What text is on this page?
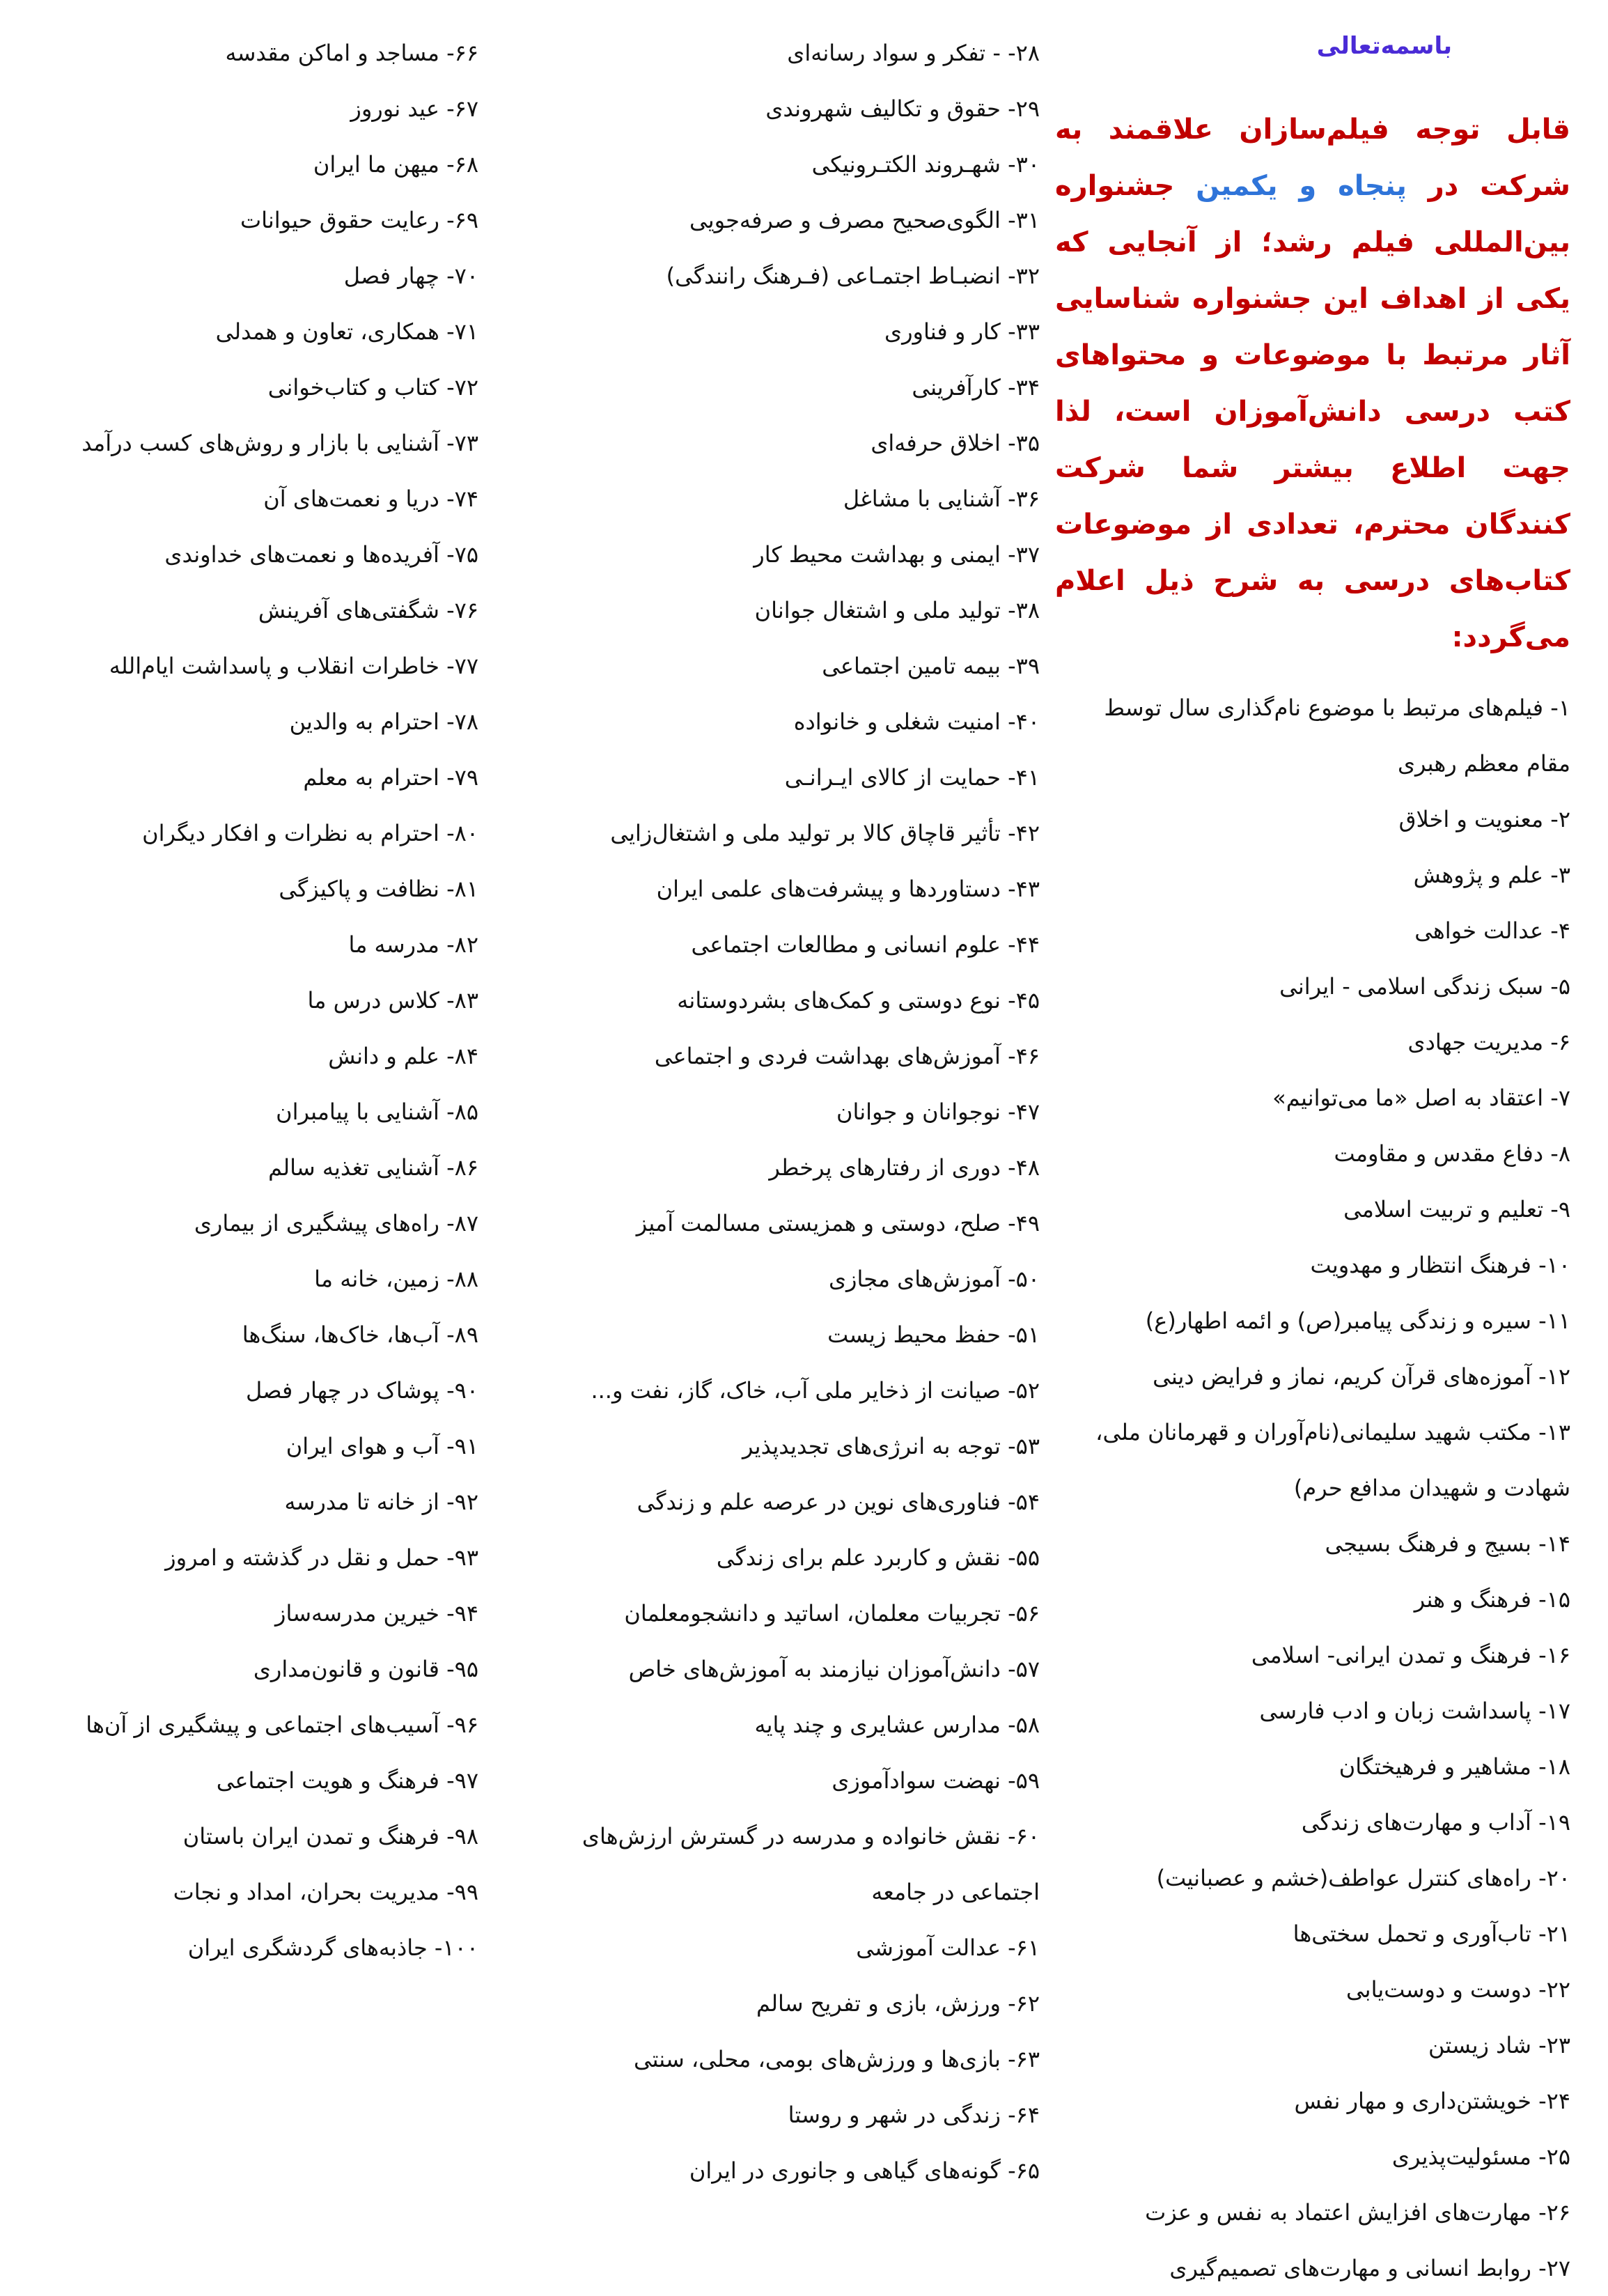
باسمه‌تعالی
قابل توجه فیلم‌سازان علاقمند به شرکت در پنجاه و یکمین جشنواره بین‌المللی فیلم رشد؛ از آنجایی که یکی از اهداف این جشنواره شناسایی آثار مرتبط با موضوعات و محتواهای کتب درسی دانش‌آموزان است، لذا جهت اطلاع بیشتر شما شرکت کنندگان محترم، تعدادی از موضوعات کتاب‌های درسی به شرح ذیل اعلام می‌گردد:
۱- فیلم‌های مرتبط با موضوع نام‌گذاری سال توسط مقام معظم رهبری
۲- معنویت و اخلاق
۳- علم و پژوهش
۴- عدالت خواهی
۵- سبک زندگی اسلامی - ایرانی
۶- مدیریت جهادی
۷- اعتقاد به اصل «ما می‌توانیم»
۸- دفاع مقدس و مقاومت
۹- تعلیم و تربیت اسلامی
۱۰- فرهنگ انتظار و مهدویت
۱۱- سیره و زندگی پیامبر(ص) و ائمه اطهار(ع)
۱۲- آموزه‌های قرآن کریم، نماز و فرایض دینی
۱۳- مکتب شهید سلیمانی(نام‌آوران و قهرمانان ملی، شهادت و شهیدان مدافع حرم)
۱۴- بسیج و فرهنگ بسیجی
۱۵- فرهنگ و هنر
۱۶- فرهنگ و تمدن ایرانی- اسلامی
۱۷- پاسداشت زبان و ادب فارسی
۱۸- مشاهیر و فرهیختگان
۱۹- آداب و مهارت‌های زندگی
۲۰- راه‌های کنترل عواطف(خشم و عصبانیت)
۲۱- تاب‌آوری و تحمل سختی‌ها
۲۲- دوست و دوست‌یابی
۲۳- شاد زیستن
۲۴- خویشتن‌داری و مهار نفس
۲۵- مسئولیت‌پذیری
۲۶- مهارت‌های افزایش اعتماد به نفس و عزت
۲۷- روابط انسانی و مهارت‌های تصمیم‌گیری
۲۸- - تفکر و سواد رسانه‌ای
۲۹- حقوق و تکالیف شهروندی
۳۰- شهـروند الکتـرونیکی
۳۱- الگوی‌صحیح مصرف و صرفه‌جویی
۳۲- انضبـاط اجتمـاعی (فـرهنگ رانندگی)
۳۳- کار و فناوری
۳۴- کارآفرینی
۳۵- اخلاق حرفه‌ای
۳۶- آشنایی با مشاغل
۳۷- ایمنی و بهداشت محیط کار
۳۸- تولید ملی و اشتغال جوانان
۳۹- بیمه تامین اجتماعی
۴۰- امنیت شغلی و خانواده
۴۱- حمایت از کالای ایـرانـی
۴۲- تأثیر قاچاق کالا بر تولید ملی و اشتغال‌زایی
۴۳- دستاوردها و پیشرفت‌های علمی ایران
۴۴- علوم انسانی و مطالعات اجتماعی
۴۵- نوع دوستی و کمک‌های بشردوستانه
۴۶- آموزش‌های بهداشت فردی و اجتماعی
۴۷- نوجوانان و جوانان
۴۸- دوری از رفتارهای پرخطر
۴۹- صلح، دوستی و همزیستی مسالمت آمیز
۵۰- آموزش‌های مجازی
۵۱- حفظ محیط زیست
۵۲- صیانت از ذخایر ملی آب، خاک، گاز، نفت و...
۵۳- توجه به انرژی‌های تجدیدپذیر
۵۴- فناوری‌های نوین در عرصه علم و زندگی
۵۵- نقش و کاربرد علم برای زندگی
۵۶- تجربیات معلمان، اساتید و دانشجومعلمان
۵۷- دانش‌آموزان نیازمند به آموزش‌های خاص
۵۸- مدارس عشایری و چند پایه
۵۹- نهضت سوادآموزی
۶۰- نقش خانواده و مدرسه در گسترش ارزش‌های اجتماعی در جامعه
۶۱- عدالت آموزشی
۶۲- ورزش، بازی و تفریح سالم
۶۳- بازی‌ها و ورزش‌های بومی، محلی، سنتی
۶۴- زندگی در شهر و روستا
۶۵- گونه‌های گیاهی و جانوری در ایران
۶۶- مساجد و اماکن مقدسه
۶۷- عید نوروز
۶۸- میهن ما ایران
۶۹- رعایت حقوق حیوانات
۷۰- چهار فصل
۷۱- همکاری، تعاون و همدلی
۷۲- کتاب و کتاب‌خوانی
۷۳- آشنایی با بازار و روش‌های کسب درآمد
۷۴- دریا و نعمت‌های آن
۷۵- آفریده‌ها و نعمت‌های خداوندی
۷۶- شگفتی‌های آفرینش
۷۷- خاطرات انقلاب و پاسداشت ایام‌الله
۷۸- احترام به والدین
۷۹- احترام به معلم
۸۰- احترام به نظرات و افکار دیگران
۸۱- نظافت و پاکیزگی
۸۲- مدرسه ما
۸۳- کلاس درس ما
۸۴- علم و دانش
۸۵- آشنایی با پیامبران
۸۶- آشنایی تغذیه سالم
۸۷- راه‌های پیشگیری از بیماری
۸۸- زمین، خانه ما
۸۹- آب‌ها، خاک‌ها، سنگ‌ها
۹۰- پوشاک در چهار فصل
۹۱- آب و هوای ایران
۹۲- از خانه تا مدرسه
۹۳- حمل و نقل در گذشته و امروز
۹۴- خیرین مدرسه‌ساز
۹۵- قانون و قانون‌مداری
۹۶- آسیب‌های اجتماعی و پیشگیری از آن‌ها
۹۷- فرهنگ و هویت اجتماعی
۹۸- فرهنگ و تمدن ایران باستان
۹۹- مدیریت بحران، امداد و نجات
۱۰۰- جاذبه‌های گردشگری ایران
